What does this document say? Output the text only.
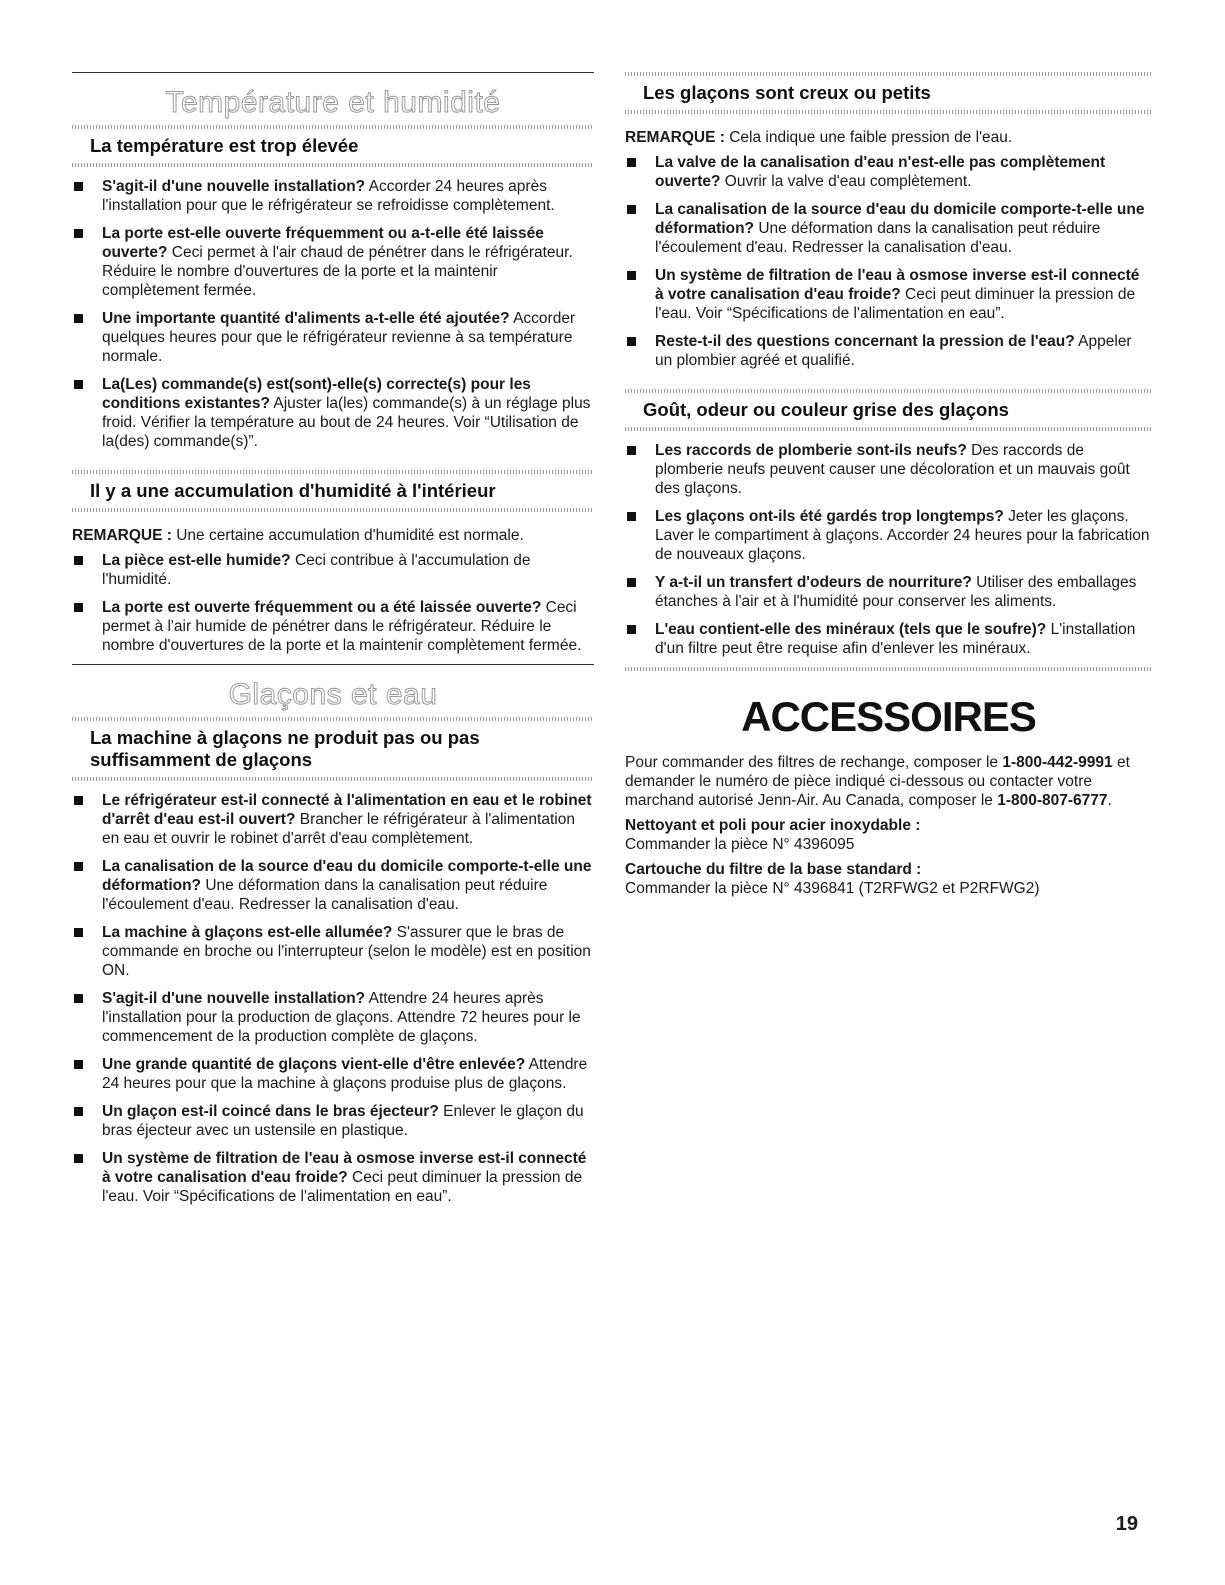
Température et humidité
La température est trop élevée
S'agit-il d'une nouvelle installation? Accorder 24 heures après l'installation pour que le réfrigérateur se refroidisse complètement.
La porte est-elle ouverte fréquemment ou a-t-elle été laissée ouverte? Ceci permet à l'air chaud de pénétrer dans le réfrigérateur. Réduire le nombre d'ouvertures de la porte et la maintenir complètement fermée.
Une importante quantité d'aliments a-t-elle été ajoutée? Accorder quelques heures pour que le réfrigérateur revienne à sa température normale.
La(Les) commande(s) est(sont)-elle(s) correcte(s) pour les conditions existantes? Ajuster la(les) commande(s) à un réglage plus froid. Vérifier la température au bout de 24 heures. Voir “Utilisation de la(des) commande(s)”.
Il y a une accumulation d'humidité à l'intérieur
REMARQUE : Une certaine accumulation d'humidité est normale.
La pièce est-elle humide? Ceci contribue à l'accumulation de l'humidité.
La porte est ouverte fréquemment ou a été laissée ouverte? Ceci permet à l'air humide de pénétrer dans le réfrigérateur. Réduire le nombre d'ouvertures de la porte et la maintenir complètement fermée.
Glaçons et eau
La machine à glaçons ne produit pas ou pas suffisamment de glaçons
Le réfrigérateur est-il connecté à l'alimentation en eau et le robinet d'arrêt d'eau est-il ouvert? Brancher le réfrigérateur à l'alimentation en eau et ouvrir le robinet d'arrêt d'eau complètement.
La canalisation de la source d'eau du domicile comporte-t-elle une déformation? Une déformation dans la canalisation peut réduire l'écoulement d'eau. Redresser la canalisation d'eau.
La machine à glaçons est-elle allumée? S'assurer que le bras de commande en broche ou l'interrupteur (selon le modèle) est en position ON.
S'agit-il d'une nouvelle installation? Attendre 24 heures après l'installation pour la production de glaçons. Attendre 72 heures pour le commencement de la production complète de glaçons.
Une grande quantité de glaçons vient-elle d'être enlevée? Attendre 24 heures pour que la machine à glaçons produise plus de glaçons.
Un glaçon est-il coincé dans le bras éjecteur? Enlever le glaçon du bras éjecteur avec un ustensile en plastique.
Un système de filtration de l'eau à osmose inverse est-il connecté à votre canalisation d'eau froide? Ceci peut diminuer la pression de l'eau. Voir “Spécifications de l'alimentation en eau”.
Les glaçons sont creux ou petits
REMARQUE : Cela indique une faible pression de l'eau.
La valve de la canalisation d'eau n'est-elle pas complètement ouverte? Ouvrir la valve d'eau complètement.
La canalisation de la source d'eau du domicile comporte-t-elle une déformation? Une déformation dans la canalisation peut réduire l'écoulement d'eau. Redresser la canalisation d'eau.
Un système de filtration de l'eau à osmose inverse est-il connecté à votre canalisation d'eau froide? Ceci peut diminuer la pression de l'eau. Voir “Spécifications de l'alimentation en eau”.
Reste-t-il des questions concernant la pression de l'eau? Appeler un plombier agréé et qualifié.
Goût, odeur ou couleur grise des glaçons
Les raccords de plomberie sont-ils neufs? Des raccords de plomberie neufs peuvent causer une décoloration et un mauvais goût des glaçons.
Les glaçons ont-ils été gardés trop longtemps? Jeter les glaçons. Laver le compartiment à glaçons. Accorder 24 heures pour la fabrication de nouveaux glaçons.
Y a-t-il un transfert d'odeurs de nourriture? Utiliser des emballages étanches à l'air et à l'humidité pour conserver les aliments.
L'eau contient-elle des minéraux (tels que le soufre)? L'installation d'un filtre peut être requise afin d'enlever les minéraux.
ACCESSOIRES
Pour commander des filtres de rechange, composer le 1-800-442-9991 et demander le numéro de pièce indiqué ci-dessous ou contacter votre marchand autorisé Jenn-Air. Au Canada, composer le 1-800-807-6777.
Nettoyant et poli pour acier inoxydable :
Commander la pièce N° 4396095
Cartouche du filtre de la base standard :
Commander la pièce N° 4396841 (T2RFWG2 et P2RFWG2)
19
